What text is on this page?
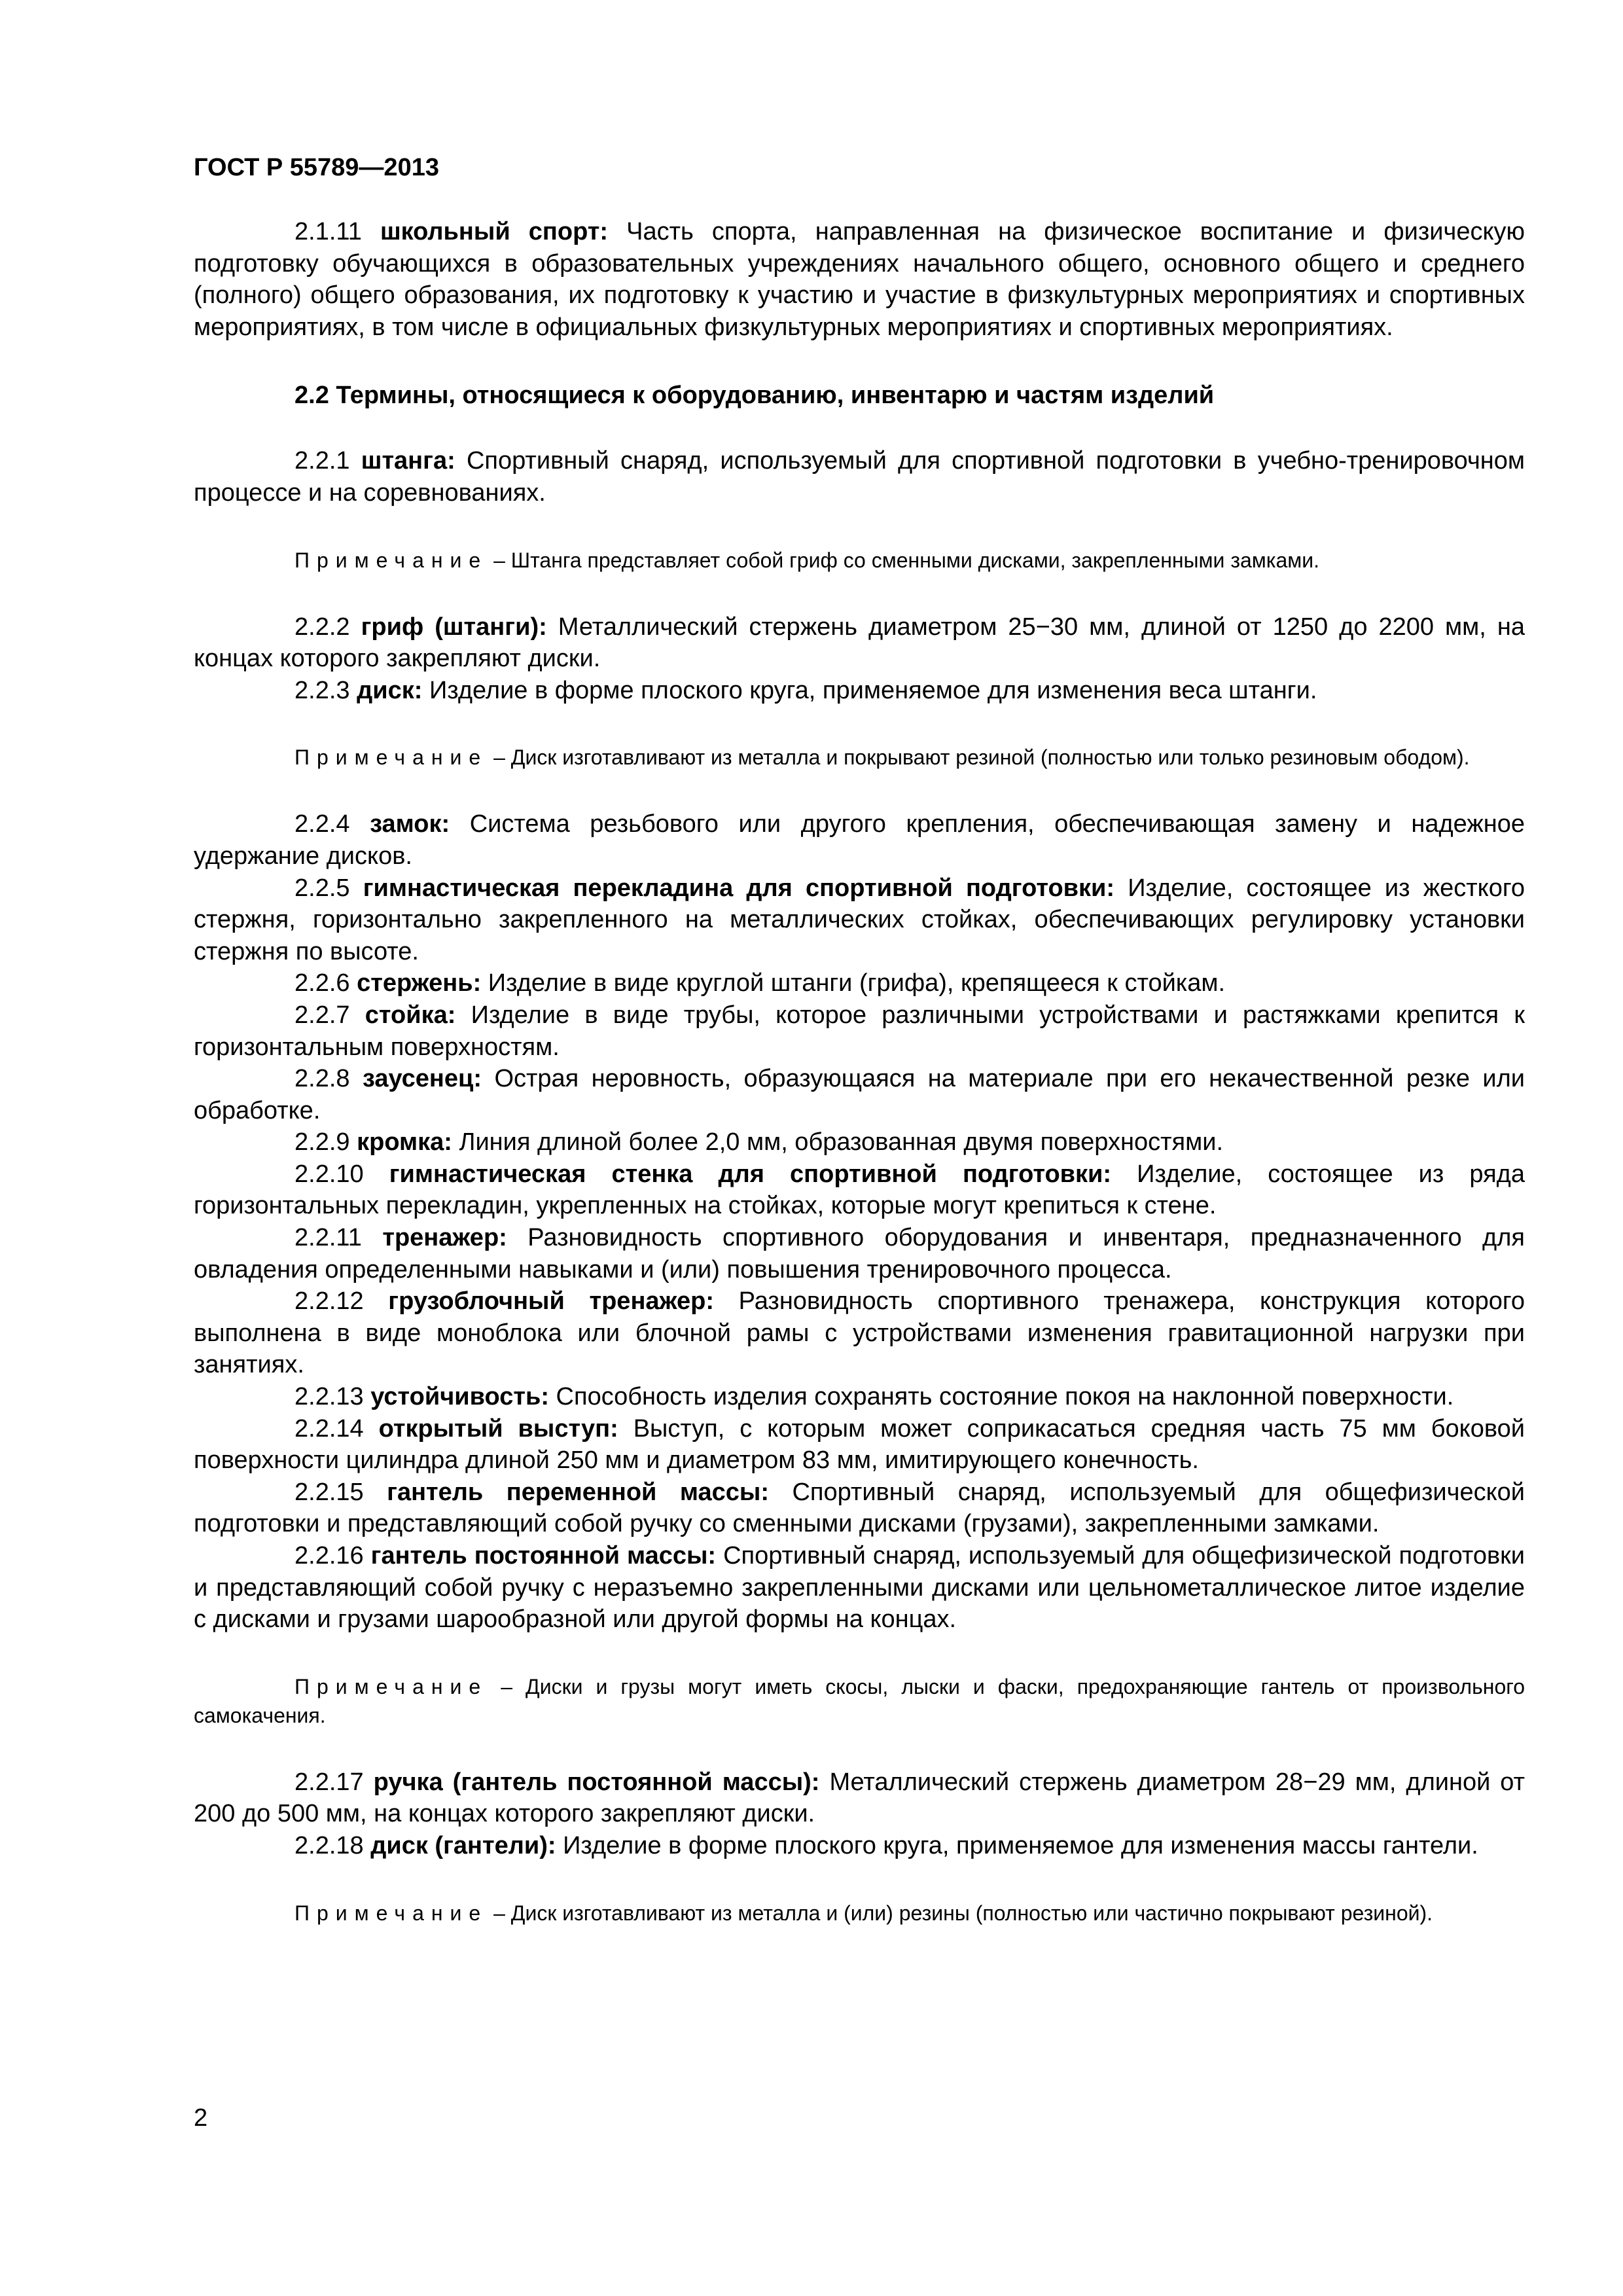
ГОСТ Р 55789—2013

2.1.11 школьный спорт: Часть спорта, направленная на физическое воспитание и физическую подготовку обучающихся в образовательных учреждениях начального общего, основного общего и среднего (полного) общего образования, их подготовку к участию и участие в физкультурных мероприятиях и спортивных мероприятиях, в том числе в официальных физкультурных мероприятиях и спортивных мероприятиях.

2.2 Термины, относящиеся к оборудованию, инвентарю и частям изделий

2.2.1 штанга: Спортивный снаряд, используемый для спортивной подготовки в учебно-тренировочном процессе и на соревнованиях.

Примечание – Штанга представляет собой гриф со сменными дисками, закрепленными замками.

2.2.2 гриф (штанги): Металлический стержень диаметром 25−30 мм, длиной от 1250 до 2200 мм, на концах которого закрепляют диски.

2.2.3 диск: Изделие в форме плоского круга, применяемое для изменения веса штанги.

Примечание – Диск изготавливают из металла и покрывают резиной (полностью или только резиновым ободом).

2.2.4 замок: Система резьбового или другого крепления, обеспечивающая замену и надежное удержание дисков.

2.2.5 гимнастическая перекладина для спортивной подготовки: Изделие, состоящее из жесткого стержня, горизонтально закрепленного на металлических стойках, обеспечивающих регулировку установки стержня по высоте.

2.2.6 стержень: Изделие в виде круглой штанги (грифа), крепящееся к стойкам.

2.2.7 стойка: Изделие в виде трубы, которое различными устройствами и растяжками крепится к горизонтальным поверхностям.

2.2.8 заусенец: Острая неровность, образующаяся на материале при его некачественной резке или обработке.

2.2.9 кромка: Линия длиной более 2,0 мм, образованная двумя поверхностями.

2.2.10 гимнастическая стенка для спортивной подготовки: Изделие, состоящее из ряда горизонтальных перекладин, укрепленных на стойках, которые могут крепиться к стене.

2.2.11 тренажер: Разновидность спортивного оборудования и инвентаря, предназначенного для овладения определенными навыками и (или) повышения тренировочного процесса.

2.2.12 грузоблочный тренажер: Разновидность спортивного тренажера, конструкция которого выполнена в виде моноблока или блочной рамы с устройствами изменения гравитационной нагрузки при занятиях.

2.2.13 устойчивость: Способность изделия сохранять состояние покоя на наклонной поверхности.

2.2.14 открытый выступ: Выступ, с которым может соприкасаться средняя часть 75 мм боковой поверхности цилиндра длиной 250 мм и диаметром 83 мм, имитирующего конечность.

2.2.15 гантель переменной массы: Спортивный снаряд, используемый для общефизической подготовки и представляющий собой ручку со сменными дисками (грузами), закрепленными замками.

2.2.16 гантель постоянной массы: Спортивный снаряд, используемый для общефизической подготовки и представляющий собой ручку с неразъемно закрепленными дисками или цельнометаллическое литое изделие с дисками и грузами шарообразной или другой формы на концах.

Примечание – Диски и грузы могут иметь скосы, лыски и фаски, предохраняющие гантель от произвольного самокачения.

2.2.17 ручка (гантель постоянной массы): Металлический стержень диаметром 28−29 мм, длиной от 200 до 500 мм, на концах которого закрепляют диски.

2.2.18 диск (гантели): Изделие в форме плоского круга, применяемое для изменения массы гантели.

Примечание – Диск изготавливают из металла и (или) резины (полностью или частично покрывают резиной).

2
